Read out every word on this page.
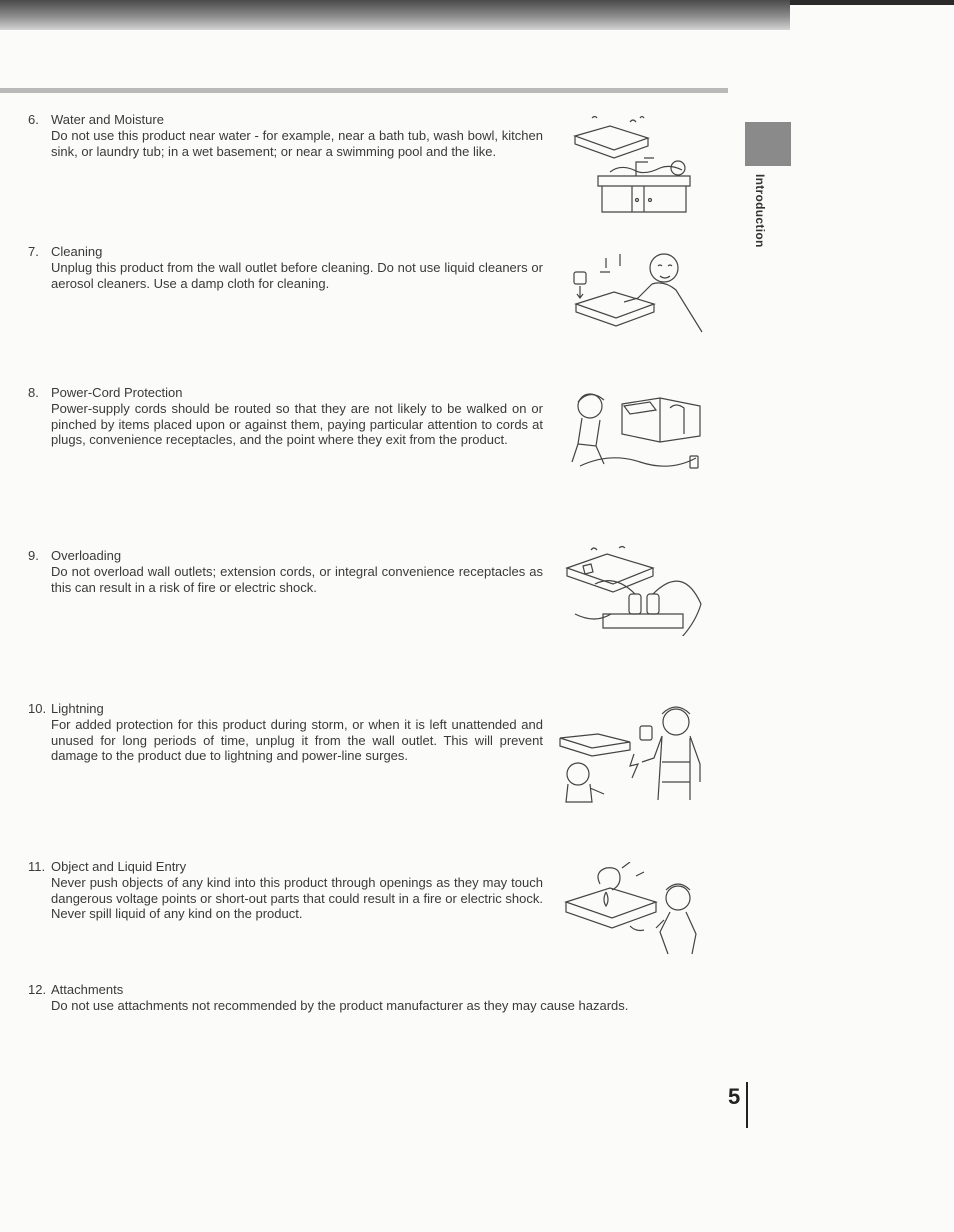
Introduction
6. Water and Moisture
Do not use this product near water - for example, near a bath tub, wash bowl, kitchen sink, or laundry tub; in a wet basement; or near a swimming pool and the like.
7. Cleaning
Unplug this product from the wall outlet before cleaning. Do not use liquid cleaners or aerosol cleaners. Use a damp cloth for cleaning.
8. Power-Cord Protection
Power-supply cords should be routed so that they are not likely to be walked on or pinched by items placed upon or against them, paying particular attention to cords at plugs, convenience receptacles, and the point where they exit from the product.
9. Overloading
Do not overload wall outlets; extension cords, or integral convenience receptacles as this can result in a risk of fire or electric shock.
10. Lightning
For added protection for this product during storm, or when it is left unattended and unused for long periods of time, unplug it from the wall outlet. This will prevent damage to the product due to lightning and power-line surges.
11. Object and Liquid Entry
Never push objects of any kind into this product through openings as they may touch dangerous voltage points or short-out parts that could result in a fire or electric shock. Never spill liquid of any kind on the product.
12. Attachments
Do not use attachments not recommended by the product manufacturer as they may cause hazards.
5
